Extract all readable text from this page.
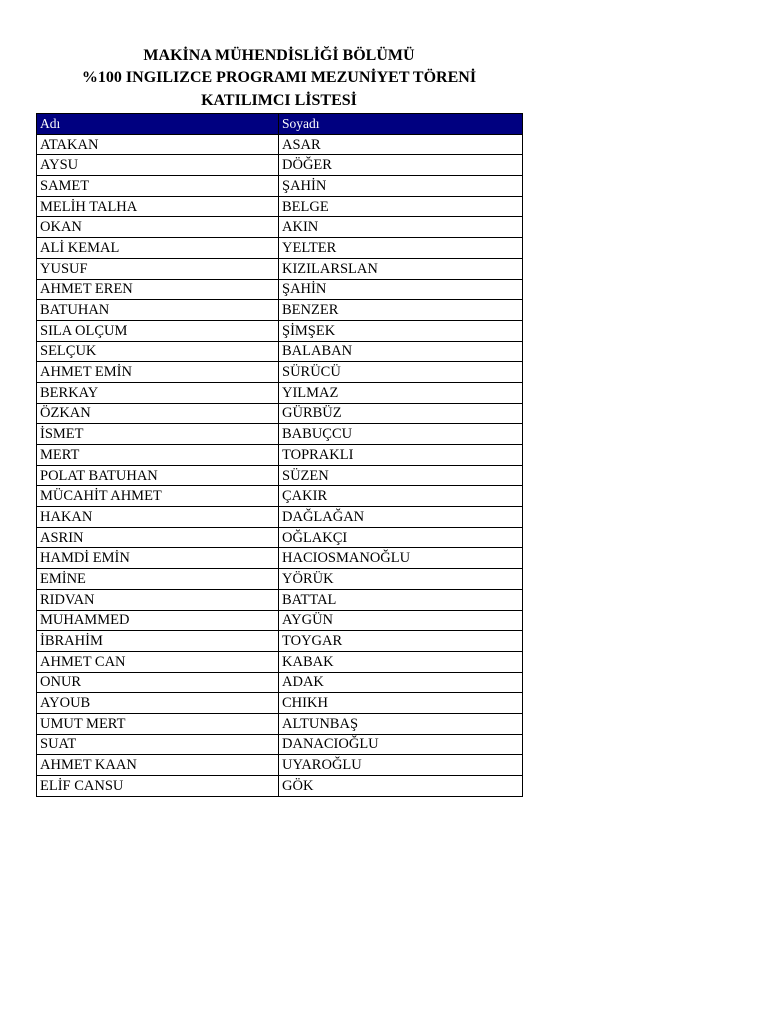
MAKİNA MÜHENDİSLİĞİ BÖLÜMÜ
%100 INGILIZCE PROGRAMI MEZUNİYET TÖRENİ
KATILIMCI LİSTESİ
Adı	Soyadı
ATAKAN	ASAR
AYSU	DÖĞER
SAMET	ŞAHİN
MELİH TALHA	BELGE
OKAN	AKIN
ALİ KEMAL	YELTER
YUSUF	KIZILARSLAN
AHMET EREN	ŞAHİN
BATUHAN	BENZER
SILA OLÇUM	ŞİMŞEK
SELÇUK	BALABAN
AHMET EMİN	SÜRÜCÜ
BERKAY	YILMAZ
ÖZKAN	GÜRBÜZ
İSMET	BABUÇCU
MERT	TOPRAKLI
POLAT BATUHAN	SÜZEN
MÜCAHİT AHMET	ÇAKIR
HAKAN	DAĞLAĞAN
ASRIN	OĞLAKÇI
HAMDİ EMİN	HACIOSMANOĞLU
EMİNE	YÖRÜK
RIDVAN	BATTAL
MUHAMMED	AYGÜN
İBRAHİM	TOYGAR
AHMET CAN	KABAK
ONUR	ADAK
AYOUB	CHIKH
UMUT MERT	ALTUNBAŞ
SUAT	DANACIOĞLU
AHMET KAAN	UYAROĞLU
ELİF CANSU	GÖK
